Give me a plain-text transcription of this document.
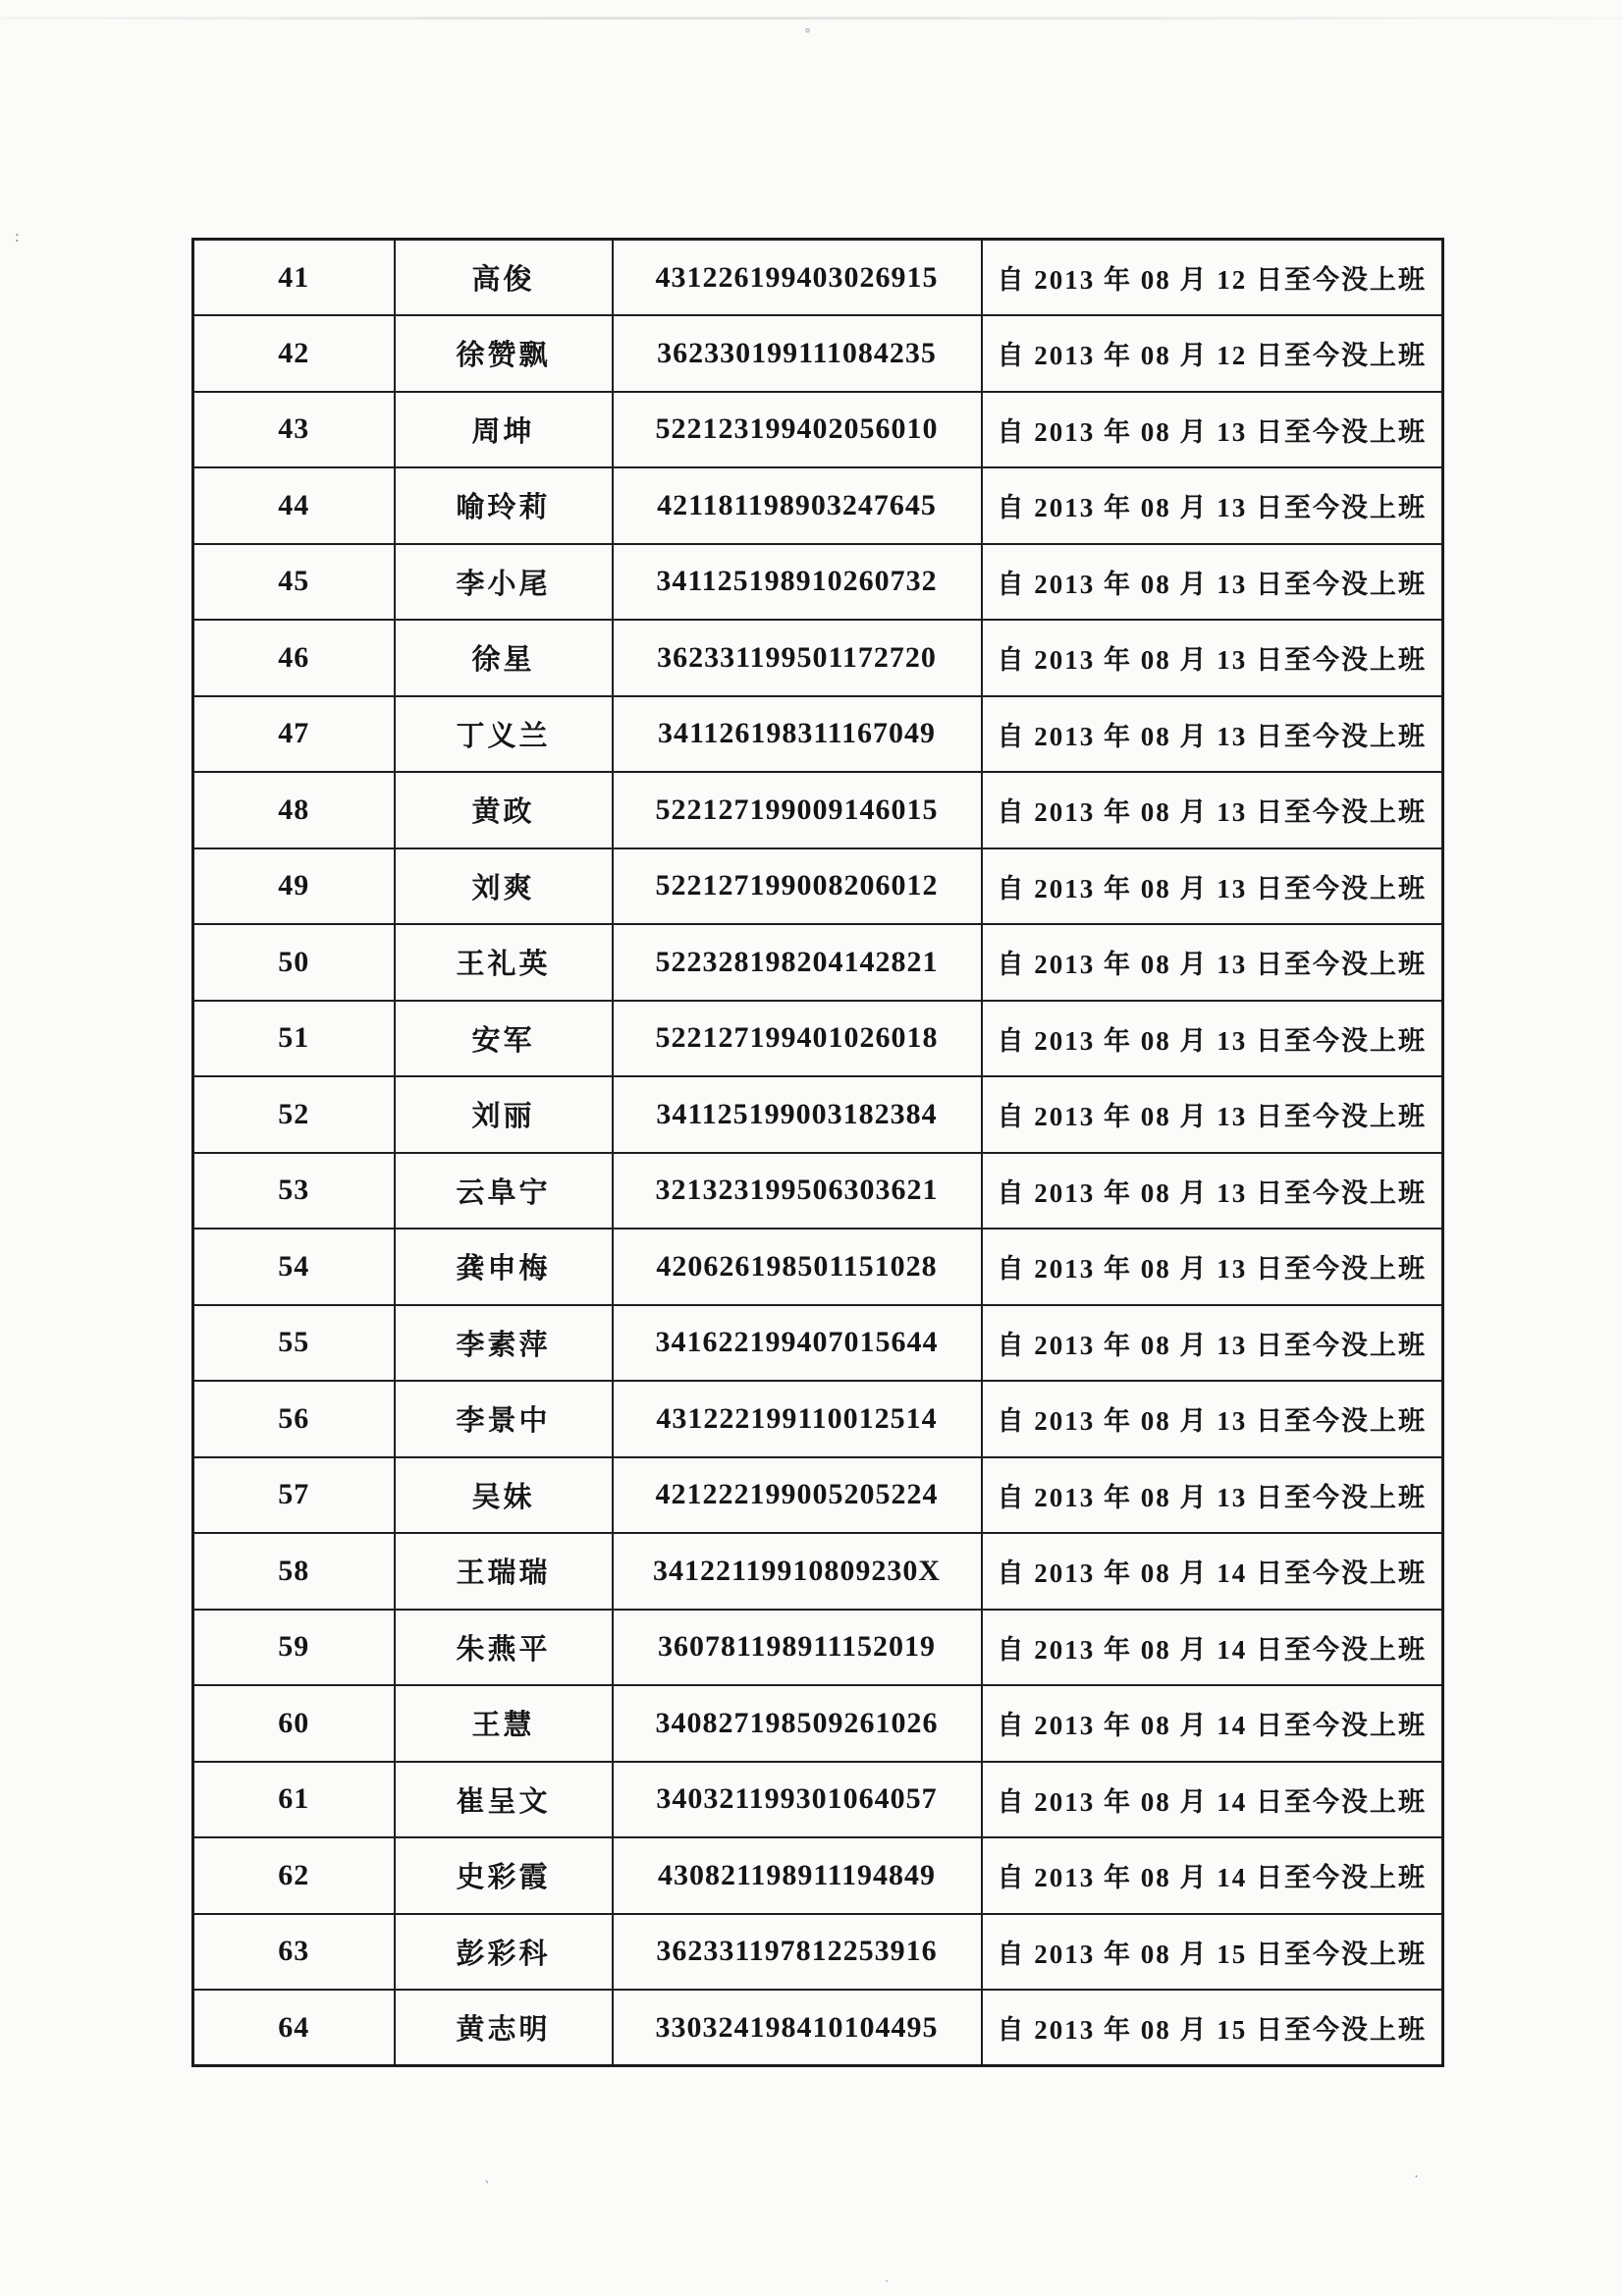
。
:
41	高俊	431226199403026915	自 2013 年 08 月 12 日至今没上班
42	徐赞飘	362330199111084235	自 2013 年 08 月 12 日至今没上班
43	周坤	522123199402056010	自 2013 年 08 月 13 日至今没上班
44	喻玲莉	421181198903247645	自 2013 年 08 月 13 日至今没上班
45	李小尾	341125198910260732	自 2013 年 08 月 13 日至今没上班
46	徐星	362331199501172720	自 2013 年 08 月 13 日至今没上班
47	丁义兰	341126198311167049	自 2013 年 08 月 13 日至今没上班
48	黄政	522127199009146015	自 2013 年 08 月 13 日至今没上班
49	刘爽	522127199008206012	自 2013 年 08 月 13 日至今没上班
50	王礼英	522328198204142821	自 2013 年 08 月 13 日至今没上班
51	安军	522127199401026018	自 2013 年 08 月 13 日至今没上班
52	刘丽	341125199003182384	自 2013 年 08 月 13 日至今没上班
53	云阜宁	321323199506303621	自 2013 年 08 月 13 日至今没上班
54	龚申梅	420626198501151028	自 2013 年 08 月 13 日至今没上班
55	李素萍	341622199407015644	自 2013 年 08 月 13 日至今没上班
56	李景中	431222199110012514	自 2013 年 08 月 13 日至今没上班
57	吴妹	421222199005205224	自 2013 年 08 月 13 日至今没上班
58	王瑞瑞	34122119910809230X	自 2013 年 08 月 14 日至今没上班
59	朱燕平	360781198911152019	自 2013 年 08 月 14 日至今没上班
60	王慧	340827198509261026	自 2013 年 08 月 14 日至今没上班
61	崔呈文	340321199301064057	自 2013 年 08 月 14 日至今没上班
62	史彩霞	430821198911194849	自 2013 年 08 月 14 日至今没上班
63	彭彩科	362331197812253916	自 2013 年 08 月 15 日至今没上班
64	黄志明	330324198410104495	自 2013 年 08 月 15 日至今没上班
、	·
`
